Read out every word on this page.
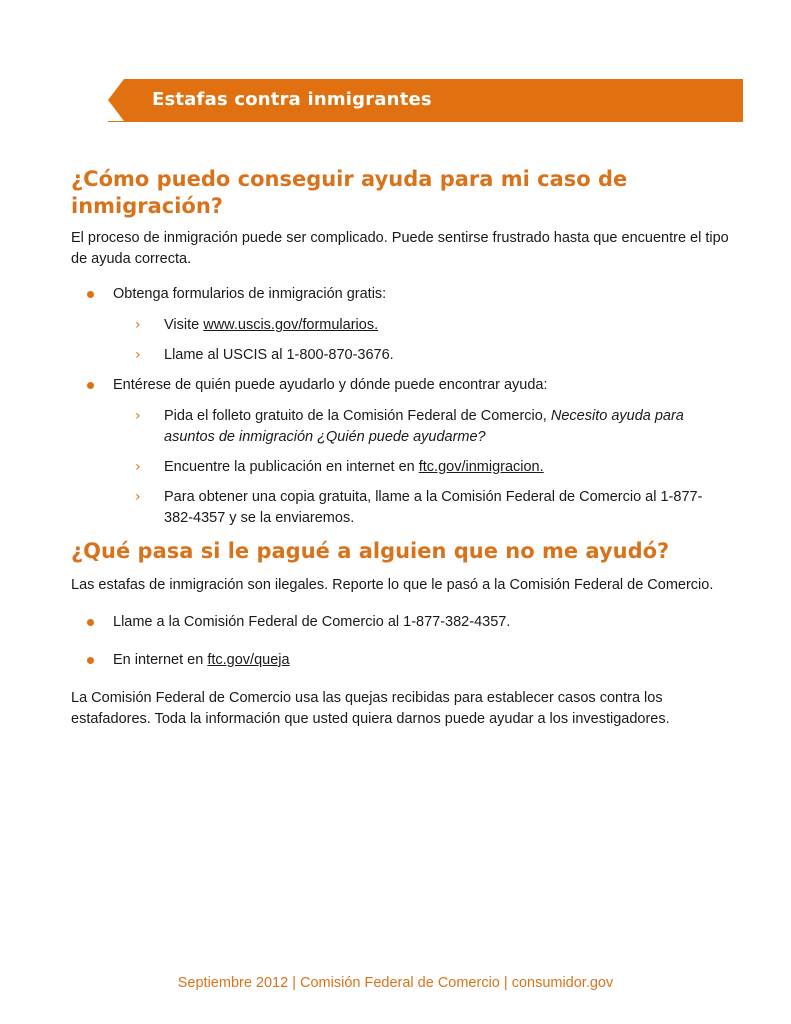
Estafas contra inmigrantes
¿Cómo puedo conseguir ayuda para mi caso de inmigración?

El proceso de inmigración puede ser complicado. Puede sentirse frustrado hasta que encuentre el tipo de ayuda correcta.

Obtenga formularios de inmigración gratis:
› Visite www.uscis.gov/formularios.
› Llame al USCIS al 1-800-870-3676.
Entérese de quién puede ayudarlo y dónde puede encontrar ayuda:
› Pida el folleto gratuito de la Comisión Federal de Comercio, Necesito ayuda para asuntos de inmigración ¿Quién puede ayudarme?
› Encuentre la publicación en internet en ftc.gov/inmigracion.
› Para obtener una copia gratuita, llame a la Comisión Federal de Comercio al 1-877-382-4357 y se la enviaremos.
¿Qué pasa si le pagué a alguien que no me ayudó?

Las estafas de inmigración son ilegales. Reporte lo que le pasó a la Comisión Federal de Comercio.

Llame a la Comisión Federal de Comercio al 1-877-382-4357.
En internet en ftc.gov/queja

La Comisión Federal de Comercio usa las quejas recibidas para establecer casos contra los estafadores. Toda la información que usted quiera darnos puede ayudar a los investigadores.

Septiembre 2012 | Comisión Federal de Comercio | consumidor.gov
